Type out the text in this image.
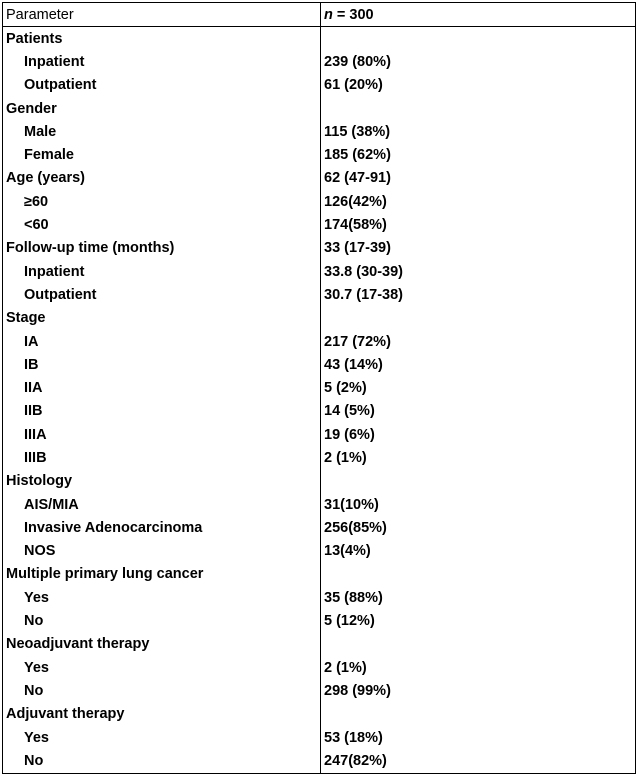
Parameter	n = 300
Patients	
Inpatient	239 (80%)
Outpatient	61 (20%)
Gender	
Male	115 (38%)
Female	185 (62%)
Age (years)	62 (47-91)
≥60	126(42%)
<60	174(58%)
Follow-up time (months)	33 (17-39)
Inpatient	33.8 (30-39)
Outpatient	30.7 (17-38)
Stage	
IA	217 (72%)
IB	43 (14%)
IIA	5 (2%)
IIB	14 (5%)
IIIA	19 (6%)
IIIB	2 (1%)
Histology	
AIS/MIA	31(10%)
Invasive Adenocarcinoma	256(85%)
NOS	13(4%)
Multiple primary lung cancer	
Yes	35 (88%)
No	5 (12%)
Neoadjuvant therapy	
Yes	2 (1%)
No	298 (99%)
Adjuvant therapy	
Yes	53 (18%)
No	247(82%)
